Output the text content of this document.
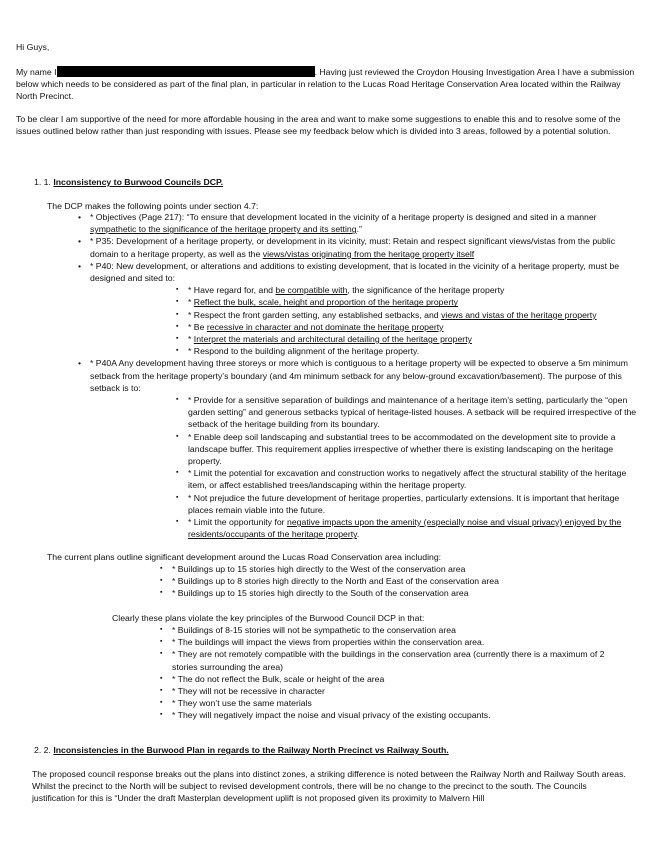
Hi Guys,

My name I	. Having just reviewed the Croydon Housing Investigation Area I have a submission below which needs to be considered as part of the final plan, in particular in relation to the Lucas Road Heritage Conservation Area located within the Railway North Precinct.

To be clear I am supportive of the need for more affordable housing in the area and want to make some suggestions to enable this and to resolve some of the issues outlined below rather than just responding with issues. Please see my feedback below which is divided into 3 areas, followed by a potential solution.

1. 1. Inconsistency to Burwood Councils DCP.

The DCP makes the following points under section 4.7:

• * Objectives (Page 217): “To ensure that development located in the vicinity of a heritage property is designed and sited in a manner sympathetic to the significance of the heritage property and its setting.”
• * P35: Development of a heritage property, or development in its vicinity, must: Retain and respect significant views/vistas from the public domain to a heritage property, as well as the views/vistas originating from the heritage property itself
• * P40: New development, or alterations and additions to existing development, that is located in the vicinity of a heritage property, must be designed and sited to:
▪ * Have regard for, and be compatible with, the significance of the heritage property
▪ * Reflect the bulk, scale, height and proportion of the heritage property
▪ * Respect the front garden setting, any established setbacks, and views and vistas of the heritage property
▪ * Be recessive in character and not dominate the heritage property
▪ * Interpret the materials and architectural detailing of the heritage property
▪ * Respond to the building alignment of the heritage property.
• * P40A Any development having three storeys or more which is contiguous to a heritage property will be expected to observe a 5m minimum setback from the heritage property’s boundary (and 4m minimum setback for any below-ground excavation/basement). The purpose of this setback is to:
▪ * Provide for a sensitive separation of buildings and maintenance of a heritage item’s setting, particularly the “open garden setting” and generous setbacks typical of heritage-listed houses. A setback will be required irrespective of the setback of the heritage building from its boundary.
▪ * Enable deep soil landscaping and substantial trees to be accommodated on the development site to provide a landscape buffer. This requirement applies irrespective of whether there is existing landscaping on the heritage property.
▪ * Limit the potential for excavation and construction works to negatively affect the structural stability of the heritage item, or affect established trees/landscaping within the heritage property.
▪ * Not prejudice the future development of heritage properties, particularly extensions. It is important that heritage places remain viable into the future.
▪ * Limit the opportunity for negative impacts upon the amenity (especially noise and visual privacy) enjoyed by the residents/occupants of the heritage property.

The current plans outline significant development around the Lucas Road Conservation area including:

▪ * Buildings up to 15 stories high directly to the West of the conservation area
▪ * Buildings up to 8 stories high directly to the North and East of the conservation area
▪ * Buildings up to 15 stories high directly to the South of the conservation area

Clearly these plans violate the key principles of the Burwood Council DCP in that:

▪ * Buildings of 8-15 stories will not be sympathetic to the conservation area
▪ * The buildings will impact the views from properties within the conservation area.
▪ * They are not remotely compatible with the buildings in the conservation area (currently there is a maximum of 2 stories surrounding the area)
▪ * The do not reflect the Bulk, scale or height of the area
▪ * They will not be recessive in character
▪ * They won’t use the same materials
▪ * They will negatively impact the noise and visual privacy of the existing occupants.

2. 2. Inconsistencies in the Burwood Plan in regards to the Railway North Precinct vs Railway South.

The proposed council response breaks out the plans into distinct zones, a striking difference is noted between the Railway North and Railway South areas. Whilst the precinct to the North will be subject to revised development controls, there will be no change to the precinct to the south. The Councils justification for this is “Under the draft Masterplan development uplift is not proposed given its proximity to Malvern Hill
